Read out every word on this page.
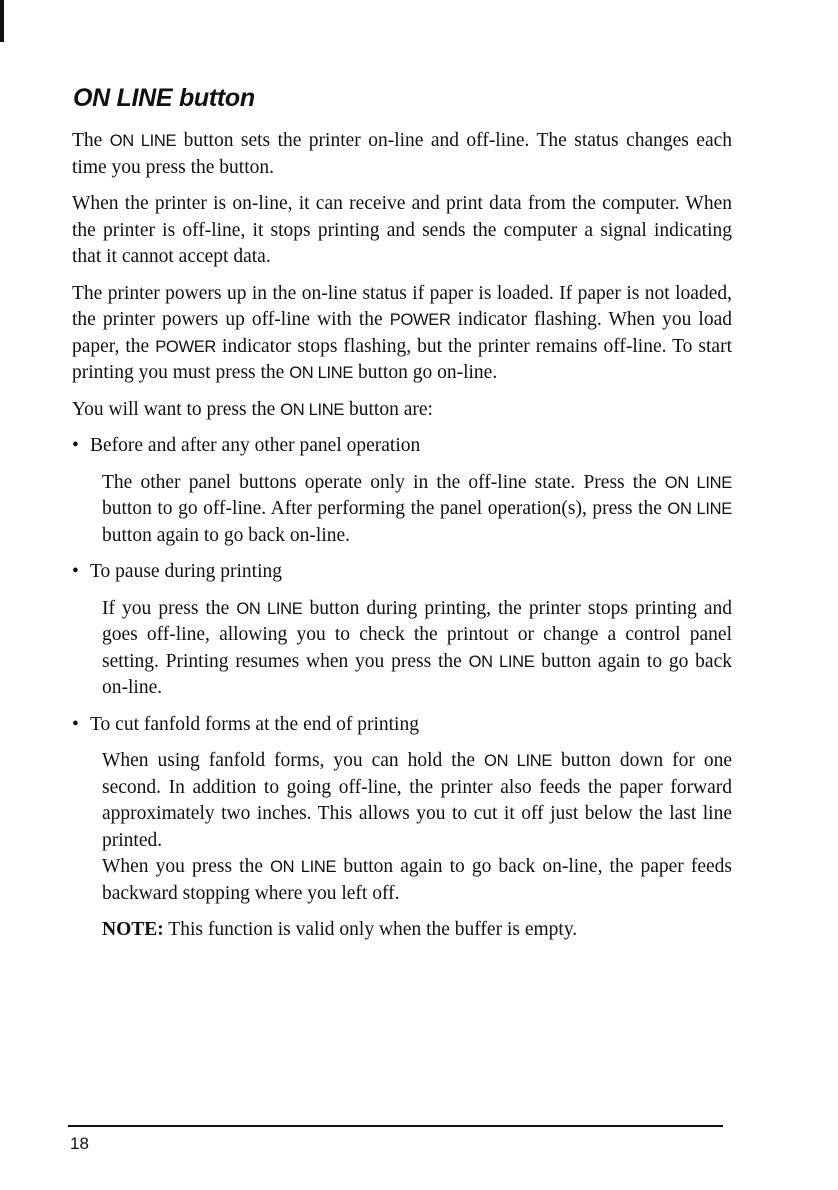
ON LINE button

The ON LINE button sets the printer on-line and off-line. The status changes each time you press the button.

When the printer is on-line, it can receive and print data from the computer. When the printer is off-line, it stops printing and sends the computer a signal indicating that it cannot accept data.

The printer powers up in the on-line status if paper is loaded. If paper is not loaded, the printer powers up off-line with the POWER indicator flashing. When you load paper, the POWER indicator stops flashing, but the printer remains off-line. To start printing you must press the ON LINE button go on-line.

You will want to press the ON LINE button are:

• Before and after any other panel operation

The other panel buttons operate only in the off-line state. Press the ON LINE button to go off-line. After performing the panel operation(s), press the ON LINE button again to go back on-line.

• To pause during printing

If you press the ON LINE button during printing, the printer stops printing and goes off-line, allowing you to check the printout or change a control panel setting. Printing resumes when you press the ON LINE button again to go back on-line.

• To cut fanfold forms at the end of printing

When using fanfold forms, you can hold the ON LINE button down for one second. In addition to going off-line, the printer also feeds the paper forward approximately two inches. This allows you to cut it off just below the last line printed.

When you press the ON LINE button again to go back on-line, the paper feeds backward stopping where you left off.

NOTE: This function is valid only when the buffer is empty.

18
